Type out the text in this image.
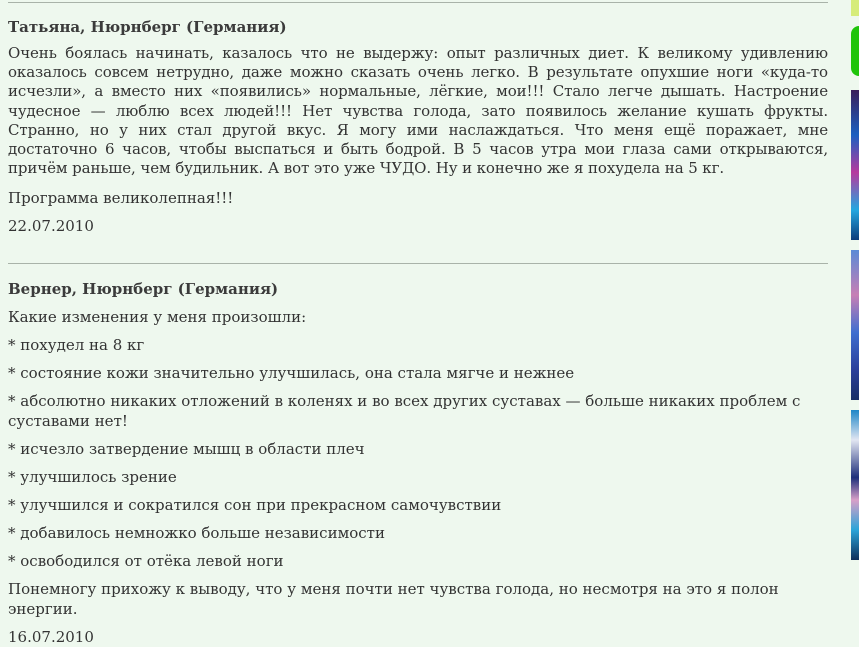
Татьяна, Нюрнберг (Германия)

Очень боялась начинать, казалось что не выдержу: опыт различных диет. К великому удивлению оказалось совсем нетрудно, даже можно сказать очень легко. В результате опухшие ноги «куда-то исчезли», а вместо них «появились» нормальные, лёгкие, мои!!! Стало легче дышать. Настроение чудесное — люблю всех людей!!! Нет чувства голода, зато появилось желание кушать фрукты. Странно, но у них стал другой вкус. Я могу ими наслаждаться. Что меня ещё поражает, мне достаточно 6 часов, чтобы выспаться и быть бодрой. В 5 часов утра мои глаза сами открываются, причём раньше, чем будильник. А вот это уже ЧУДО. Ну и конечно же я похудела на 5 кг.

Программа великолепная!!!

22.07.2010

Вернер, Нюрнберг (Германия)

Какие изменения у меня произошли:

* похудел на 8 кг

* состояние кожи значительно улучшилась, она стала мягче и нежнее

* абсолютно никаких отложений в коленях и во всех других суставах — больше никаких проблем с суставами нет!

* исчезло затвердение мышц в области плеч

* улучшилось зрение

* улучшился и сократился сон при прекрасном самочувствии

* добавилось немножко больше независимости

* освободился от отёка левой ноги

Понемногу прихожу к выводу, что у меня почти нет чувства голода, но несмотря на это я полон энергии.

16.07.2010
